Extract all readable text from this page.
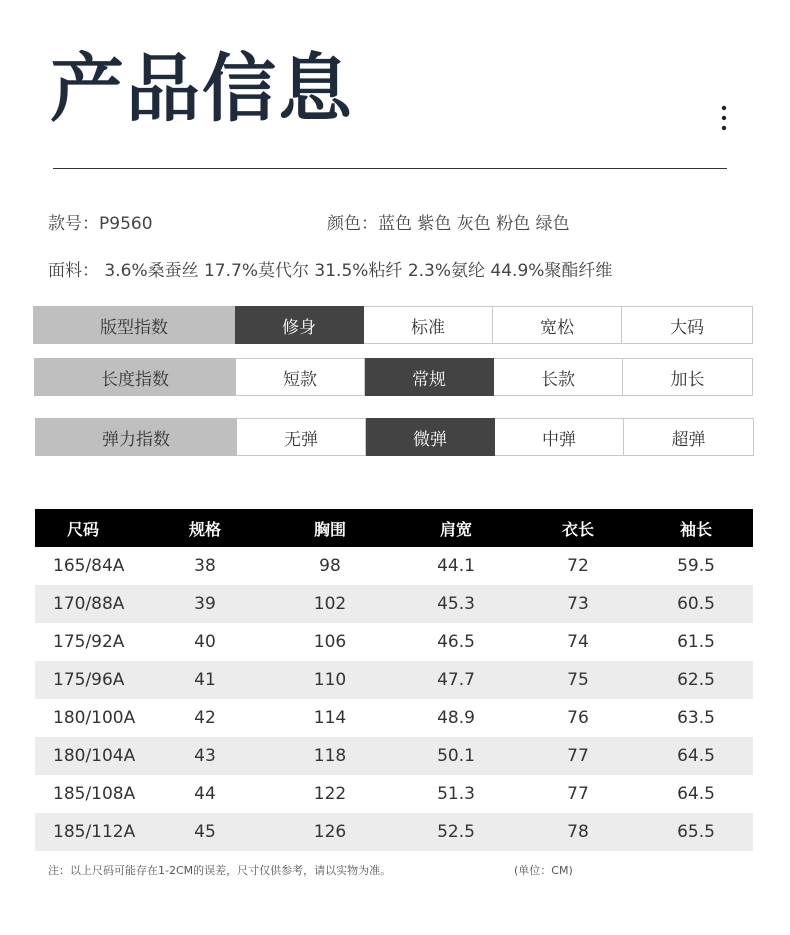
产品信息
款号：P9560	颜色：蓝色 紫色 灰色 粉色 绿色
面料： 3.6%桑蚕丝 17.7%莫代尔 31.5%粘纤 2.3%氨纶 44.9%聚酯纤维
版型指数	修身	标准	宽松	大码
长度指数	短款	常规	长款	加长
弹力指数	无弹	微弹	中弹	超弹
尺码	规格	胸围	肩宽	衣长	袖长
165/84A	38	98	44.1	72	59.5
170/88A	39	102	45.3	73	60.5
175/92A	40	106	46.5	74	61.5
175/96A	41	110	47.7	75	62.5
180/100A	42	114	48.9	76	63.5
180/104A	43	118	50.1	77	64.5
185/108A	44	122	51.3	77	64.5
185/112A	45	126	52.5	78	65.5
注：以上尺码可能存在1-2CM的误差，尺寸仅供参考，请以实物为准。	(单位：CM)
